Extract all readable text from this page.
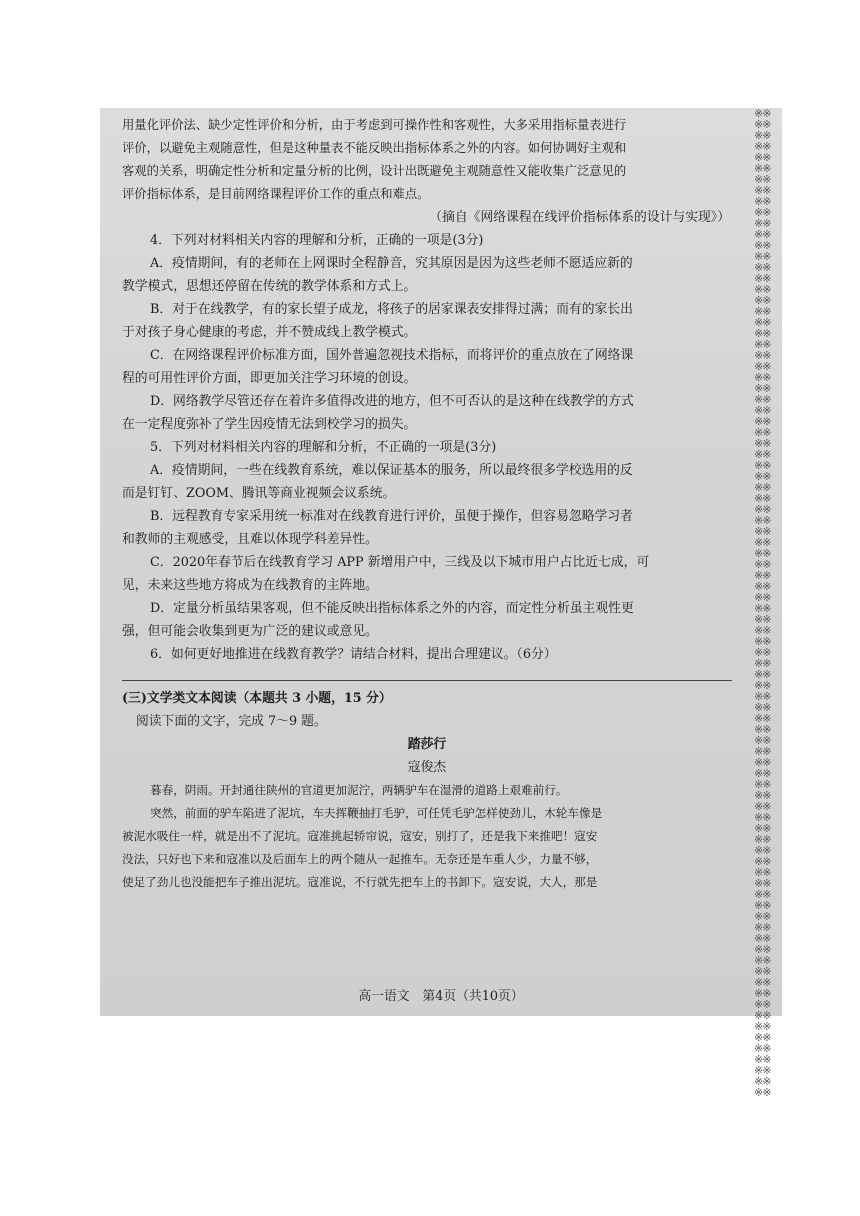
※※※※※※※※※※※※※※※※※※※※※※※※※※※※※※※※※※※※※※※※※※※※※※※※※※※※※※※※※※※※※※※※※※※※※※※※※※※※※※※※※※※※※※※※※※※※※※※※※※※※※※※※※※※※※※※※※※※※※※※※※※※※※※※※※※※※※※※※※※※※※※※※※※※※※※※※※※※※※※※※※※※※※※※※※※※※※※※※※※※※
用量化评价法、缺少定性评价和分析，由于考虑到可操作性和客观性，大多采用指标量表进行
评价，以避免主观随意性，但是这种量表不能反映出指标体系之外的内容。如何协调好主观和
客观的关系，明确定性分析和定量分析的比例，设计出既避免主观随意性又能收集广泛意见的
评价指标体系，是目前网络课程评价工作的重点和难点。
（摘自《网络课程在线评价指标体系的设计与实现》）
4．下列对材料相关内容的理解和分析，正确的一项是(3分)
A．疫情期间，有的老师在上网课时全程静音，究其原因是因为这些老师不愿适应新的
教学模式，思想还停留在传统的教学体系和方式上。
B．对于在线教学，有的家长望子成龙，将孩子的居家课表安排得过满；而有的家长出
于对孩子身心健康的考虑，并不赞成线上教学模式。
C．在网络课程评价标准方面，国外普遍忽视技术指标，而将评价的重点放在了网络课
程的可用性评价方面，即更加关注学习环境的创设。
D．网络教学尽管还存在着许多值得改进的地方，但不可否认的是这种在线教学的方式
在一定程度弥补了学生因疫情无法到校学习的损失。
5．下列对材料相关内容的理解和分析，不正确的一项是(3分)
A．疫情期间，一些在线教育系统，难以保证基本的服务，所以最终很多学校选用的反
而是钉钉、ZOOM、腾讯等商业视频会议系统。
B．远程教育专家采用统一标准对在线教育进行评价，虽便于操作，但容易忽略学习者
和教师的主观感受，且难以体现学科差异性。
C．2020年春节后在线教育学习 APP 新增用户中，三线及以下城市用户占比近七成，可
见，未来这些地方将成为在线教育的主阵地。
D．定量分析虽结果客观，但不能反映出指标体系之外的内容，而定性分析虽主观性更
强，但可能会收集到更为广泛的建议或意见。
6．如何更好地推进在线教育教学？请结合材料，提出合理建议。（6分）
(三)文学类文本阅读（本题共 3 小题，15 分）
阅读下面的文字，完成 7～9 题。
踏莎行
寇俊杰
暮春，阴雨。开封通往陕州的官道更加泥泞，两辆驴车在湿滑的道路上艰难前行。
突然，前面的驴车陷进了泥坑，车夫挥鞭抽打毛驴，可任凭毛驴怎样使劲儿，木轮车像是
被泥水吸住一样，就是出不了泥坑。寇准挑起轿帘说，寇安，别打了，还是我下来推吧！寇安
没法，只好也下来和寇准以及后面车上的两个随从一起推车。无奈还是车重人少，力量不够，
使足了劲儿也没能把车子推出泥坑。寇准说，不行就先把车上的书卸下。寇安说，大人，那是
高一语文　第4页（共10页）
